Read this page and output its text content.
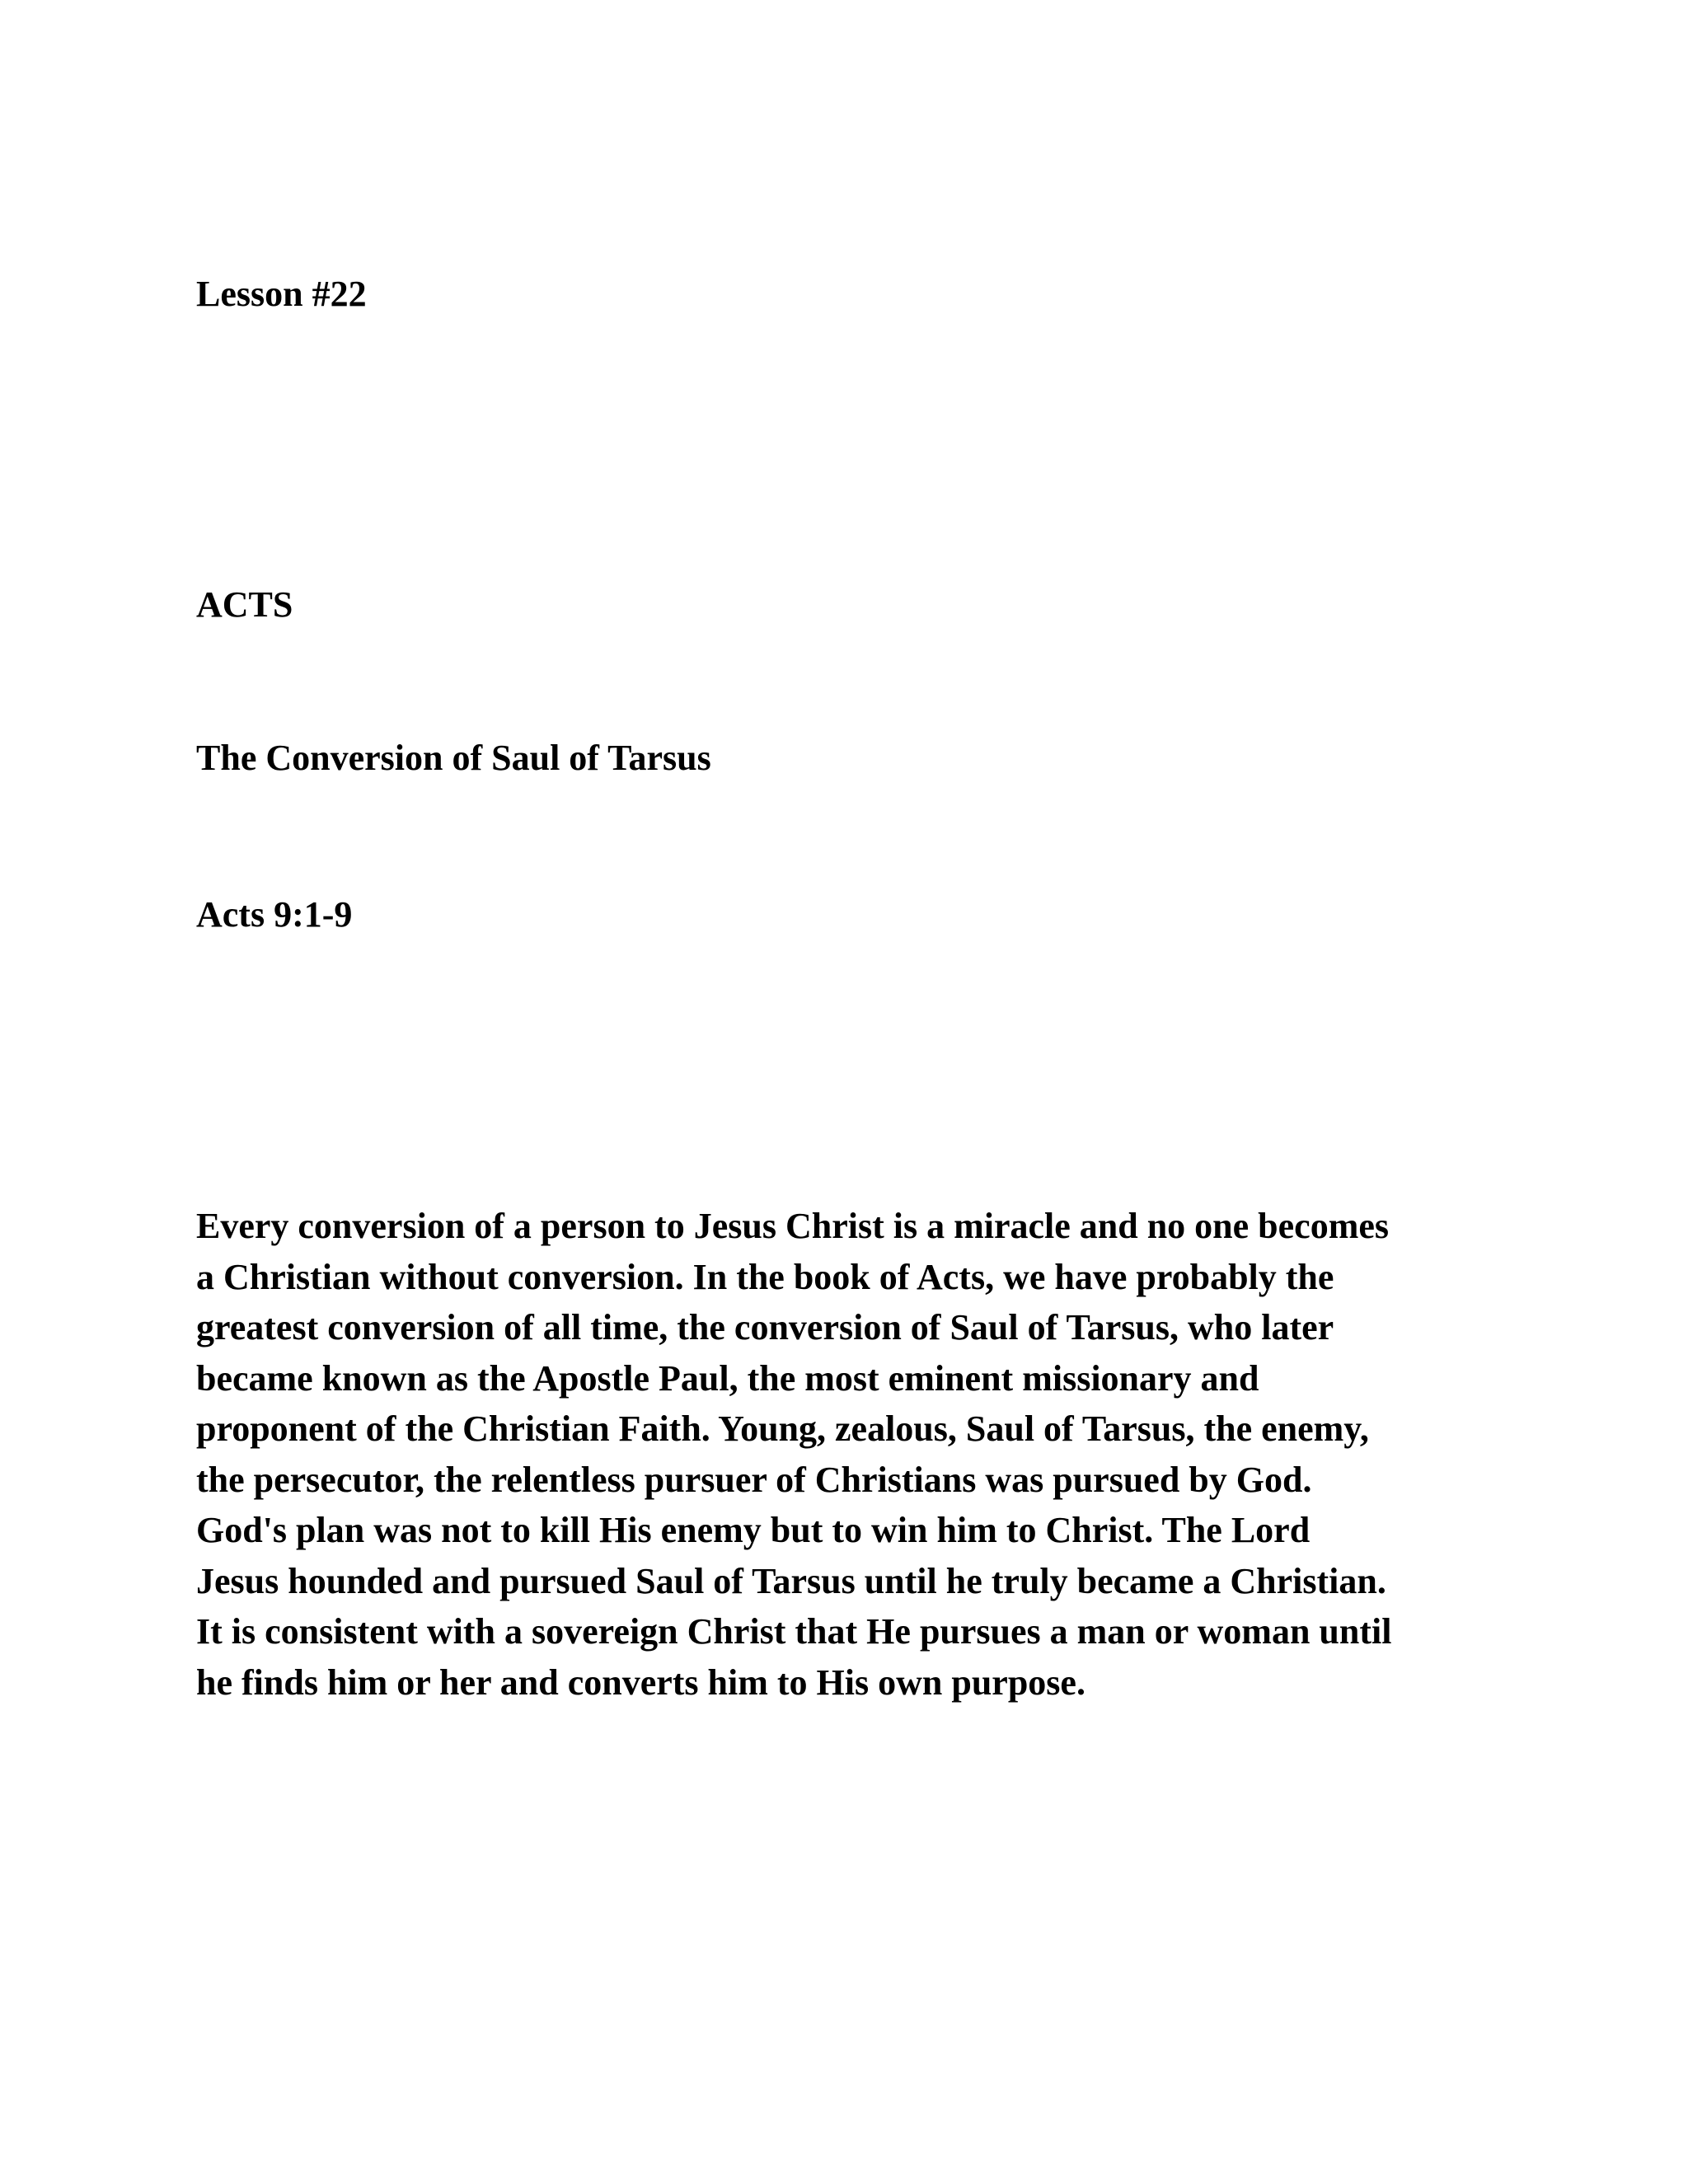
Lesson #22

ACTS

The Conversion of Saul of Tarsus

Acts 9:1-9

Every conversion of a person to Jesus Christ is a miracle and no one becomes
a Christian without conversion. In the book of Acts, we have probably the
greatest conversion of all time, the conversion of Saul of Tarsus, who later
became known as the Apostle Paul, the most eminent missionary and
proponent of the Christian Faith. Young, zealous, Saul of Tarsus, the enemy,
the persecutor, the relentless pursuer of Christians was pursued by God.
God's plan was not to kill His enemy but to win him to Christ. The Lord
Jesus hounded and pursued Saul of Tarsus until he truly became a Christian.
It is consistent with a sovereign Christ that He pursues a man or woman until
he finds him or her and converts him to His own purpose.
